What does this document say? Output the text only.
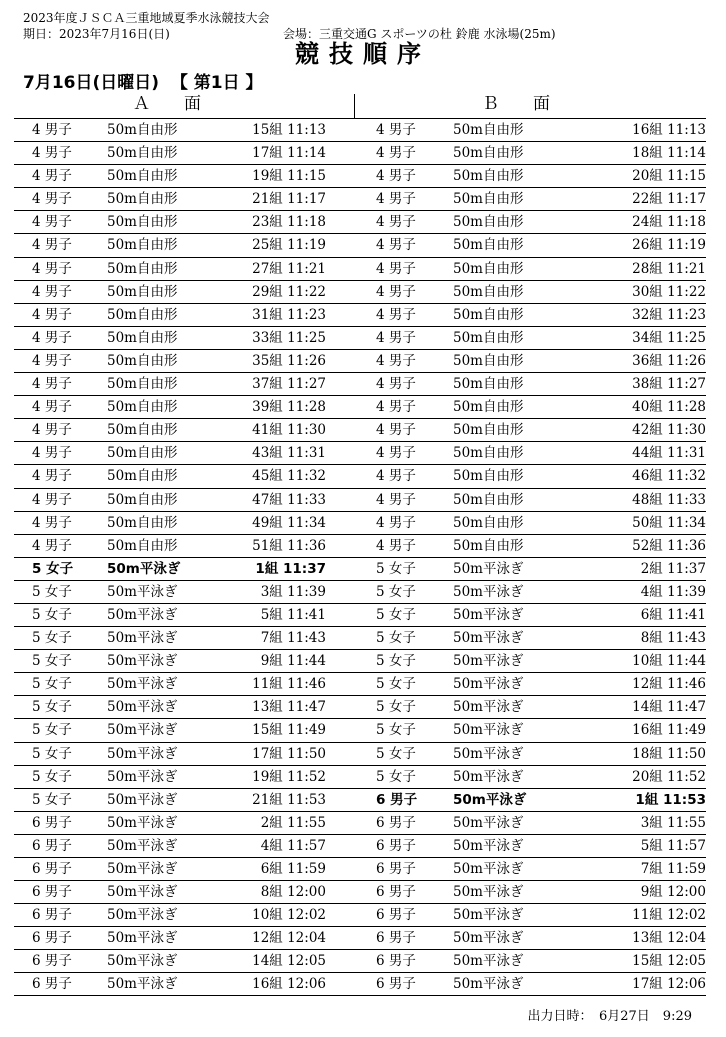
2023年度ＪＳＣＡ三重地域夏季水泳競技大会
期日：2023年7月16日(日)	会場：三重交通G スポーツの杜 鈴鹿 水泳場(25m)
競技順序
7月16日(日曜日)  【 第1日 】
Ａ　　面	Ｂ　　面
4 男子	50m自由形	15組 11:13	4 男子	50m自由形	16組 11:13
4 男子	50m自由形	17組 11:14	4 男子	50m自由形	18組 11:14
4 男子	50m自由形	19組 11:15	4 男子	50m自由形	20組 11:15
4 男子	50m自由形	21組 11:17	4 男子	50m自由形	22組 11:17
4 男子	50m自由形	23組 11:18	4 男子	50m自由形	24組 11:18
4 男子	50m自由形	25組 11:19	4 男子	50m自由形	26組 11:19
4 男子	50m自由形	27組 11:21	4 男子	50m自由形	28組 11:21
4 男子	50m自由形	29組 11:22	4 男子	50m自由形	30組 11:22
4 男子	50m自由形	31組 11:23	4 男子	50m自由形	32組 11:23
4 男子	50m自由形	33組 11:25	4 男子	50m自由形	34組 11:25
4 男子	50m自由形	35組 11:26	4 男子	50m自由形	36組 11:26
4 男子	50m自由形	37組 11:27	4 男子	50m自由形	38組 11:27
4 男子	50m自由形	39組 11:28	4 男子	50m自由形	40組 11:28
4 男子	50m自由形	41組 11:30	4 男子	50m自由形	42組 11:30
4 男子	50m自由形	43組 11:31	4 男子	50m自由形	44組 11:31
4 男子	50m自由形	45組 11:32	4 男子	50m自由形	46組 11:32
4 男子	50m自由形	47組 11:33	4 男子	50m自由形	48組 11:33
4 男子	50m自由形	49組 11:34	4 男子	50m自由形	50組 11:34
4 男子	50m自由形	51組 11:36	4 男子	50m自由形	52組 11:36
5 女子	50m平泳ぎ	1組 11:37	5 女子	50m平泳ぎ	2組 11:37
5 女子	50m平泳ぎ	3組 11:39	5 女子	50m平泳ぎ	4組 11:39
5 女子	50m平泳ぎ	5組 11:41	5 女子	50m平泳ぎ	6組 11:41
5 女子	50m平泳ぎ	7組 11:43	5 女子	50m平泳ぎ	8組 11:43
5 女子	50m平泳ぎ	9組 11:44	5 女子	50m平泳ぎ	10組 11:44
5 女子	50m平泳ぎ	11組 11:46	5 女子	50m平泳ぎ	12組 11:46
5 女子	50m平泳ぎ	13組 11:47	5 女子	50m平泳ぎ	14組 11:47
5 女子	50m平泳ぎ	15組 11:49	5 女子	50m平泳ぎ	16組 11:49
5 女子	50m平泳ぎ	17組 11:50	5 女子	50m平泳ぎ	18組 11:50
5 女子	50m平泳ぎ	19組 11:52	5 女子	50m平泳ぎ	20組 11:52
5 女子	50m平泳ぎ	21組 11:53	6 男子	50m平泳ぎ	1組 11:53
6 男子	50m平泳ぎ	2組 11:55	6 男子	50m平泳ぎ	3組 11:55
6 男子	50m平泳ぎ	4組 11:57	6 男子	50m平泳ぎ	5組 11:57
6 男子	50m平泳ぎ	6組 11:59	6 男子	50m平泳ぎ	7組 11:59
6 男子	50m平泳ぎ	8組 12:00	6 男子	50m平泳ぎ	9組 12:00
6 男子	50m平泳ぎ	10組 12:02	6 男子	50m平泳ぎ	11組 12:02
6 男子	50m平泳ぎ	12組 12:04	6 男子	50m平泳ぎ	13組 12:04
6 男子	50m平泳ぎ	14組 12:05	6 男子	50m平泳ぎ	15組 12:05
6 男子	50m平泳ぎ	16組 12:06	6 男子	50m平泳ぎ	17組 12:06
出力日時：　6月27日　9:29
